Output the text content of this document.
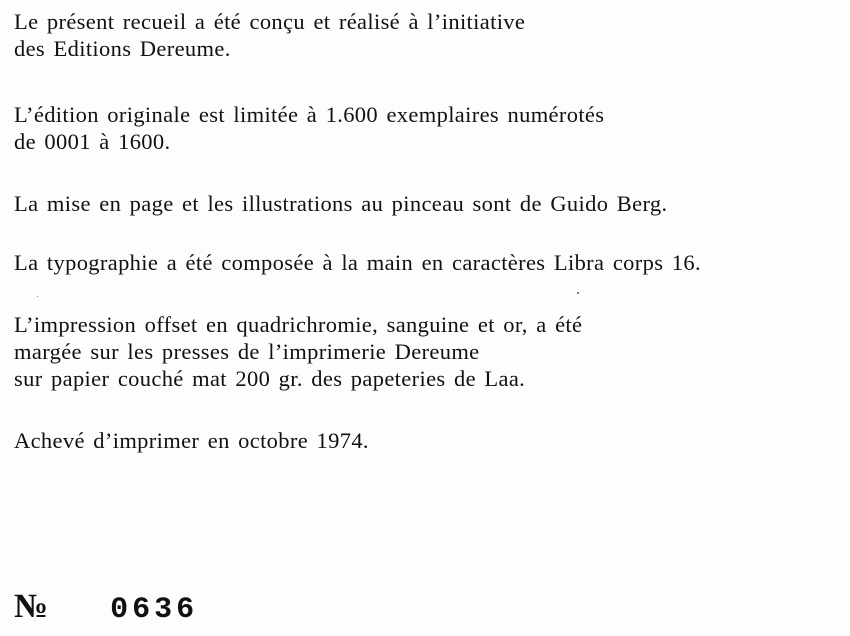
Le présent recueil a été conçu et réalisé à l’initiative
des Editions Dereume.

L’édition originale est limitée à 1.600 exemplaires numérotés
de 0001 à 1600.

La mise en page et les illustrations au pinceau sont de Guido Berg.

La typographie a été composée à la main en caractères Libra corps 16.

L’impression offset en quadrichromie, sanguine et or, a été
margée sur les presses de l’imprimerie Dereume
sur papier couché mat 200 gr. des papeteries de Laa.

Achevé d’imprimer en octobre 1974.

№ 0636
